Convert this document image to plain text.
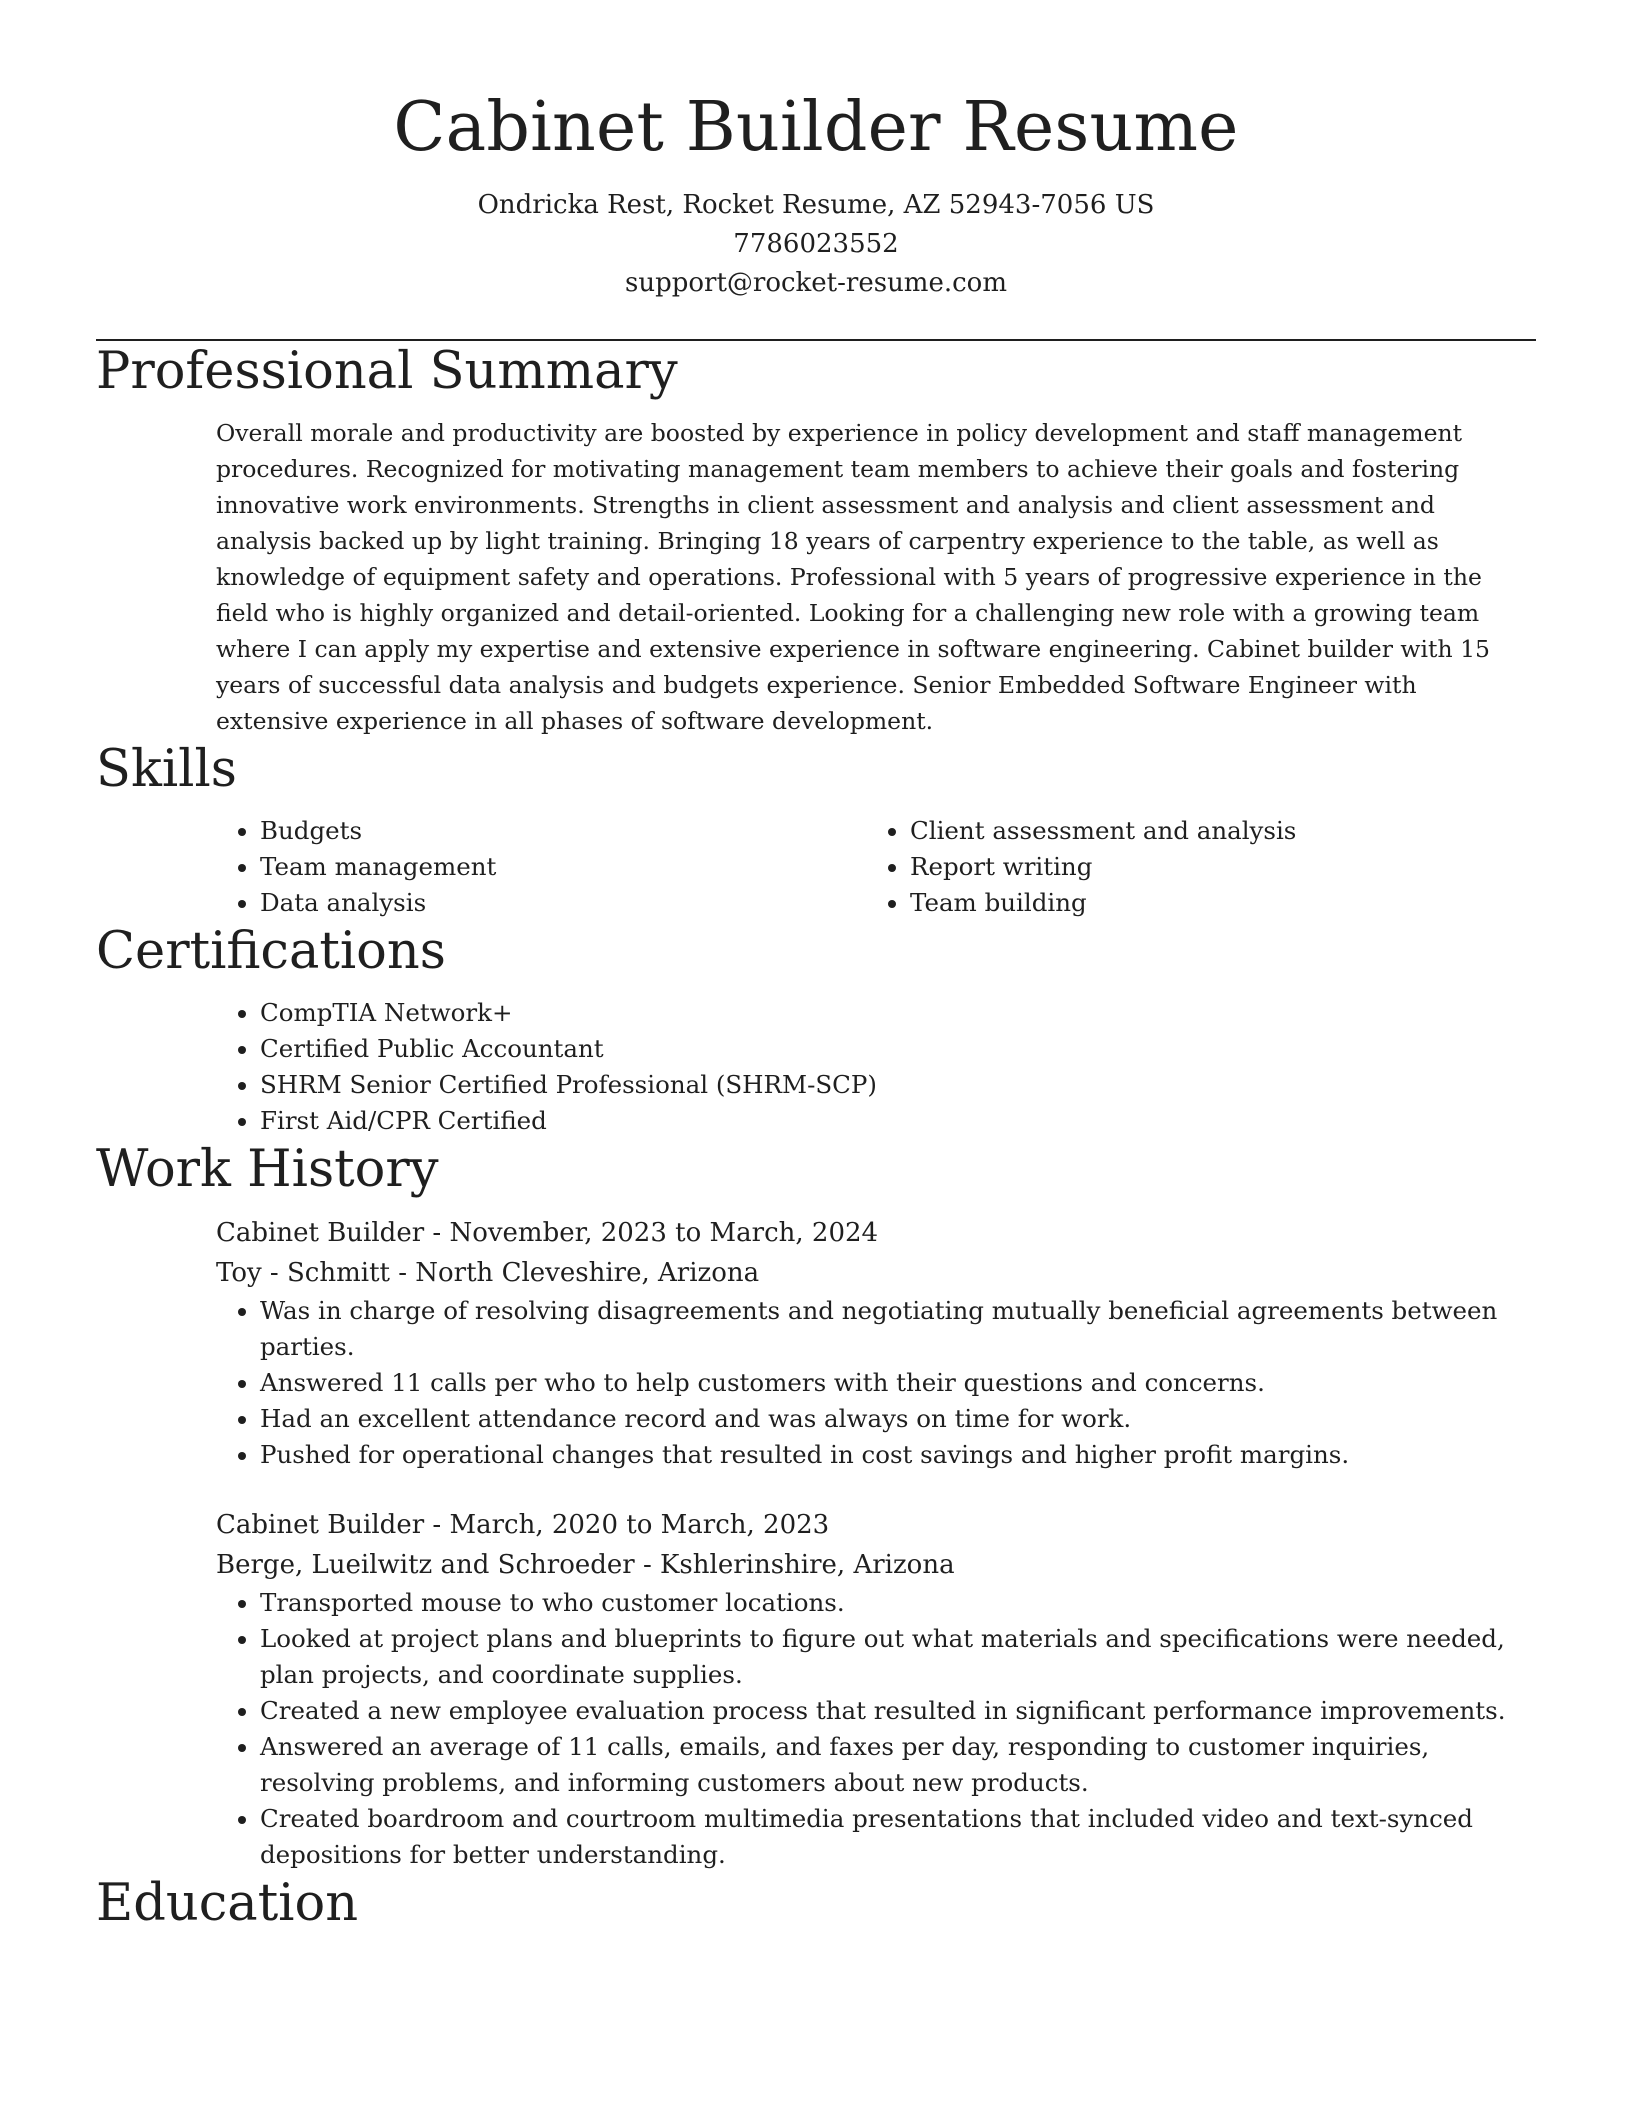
Cabinet Builder Resume
Ondricka Rest, Rocket Resume, AZ 52943-7056 US
7786023552
support@rocket-resume.com
Professional Summary
Overall morale and productivity are boosted by experience in policy development and staff management procedures. Recognized for motivating management team members to achieve their goals and fostering innovative work environments. Strengths in client assessment and analysis and client assessment and analysis backed up by light training. Bringing 18 years of carpentry experience to the table, as well as knowledge of equipment safety and operations. Professional with 5 years of progressive experience in the field who is highly organized and detail-oriented. Looking for a challenging new role with a growing team where I can apply my expertise and extensive experience in software engineering. Cabinet builder with 15 years of successful data analysis and budgets experience. Senior Embedded Software Engineer with extensive experience in all phases of software development.
Skills
• Budgets
• Team management
• Data analysis
• Client assessment and analysis
• Report writing
• Team building
Certifications
• CompTIA Network+
• Certified Public Accountant
• SHRM Senior Certified Professional (SHRM-SCP)
• First Aid/CPR Certified
Work History
Cabinet Builder - November, 2023 to March, 2024
Toy - Schmitt - North Cleveshire, Arizona
• Was in charge of resolving disagreements and negotiating mutually beneficial agreements between parties.
• Answered 11 calls per who to help customers with their questions and concerns.
• Had an excellent attendance record and was always on time for work.
• Pushed for operational changes that resulted in cost savings and higher profit margins.
Cabinet Builder - March, 2020 to March, 2023
Berge, Lueilwitz and Schroeder - Kshlerinshire, Arizona
• Transported mouse to who customer locations.
• Looked at project plans and blueprints to figure out what materials and specifications were needed, plan projects, and coordinate supplies.
• Created a new employee evaluation process that resulted in significant performance improvements.
• Answered an average of 11 calls, emails, and faxes per day, responding to customer inquiries, resolving problems, and informing customers about new products.
• Created boardroom and courtroom multimedia presentations that included video and text-synced depositions for better understanding.
Education
